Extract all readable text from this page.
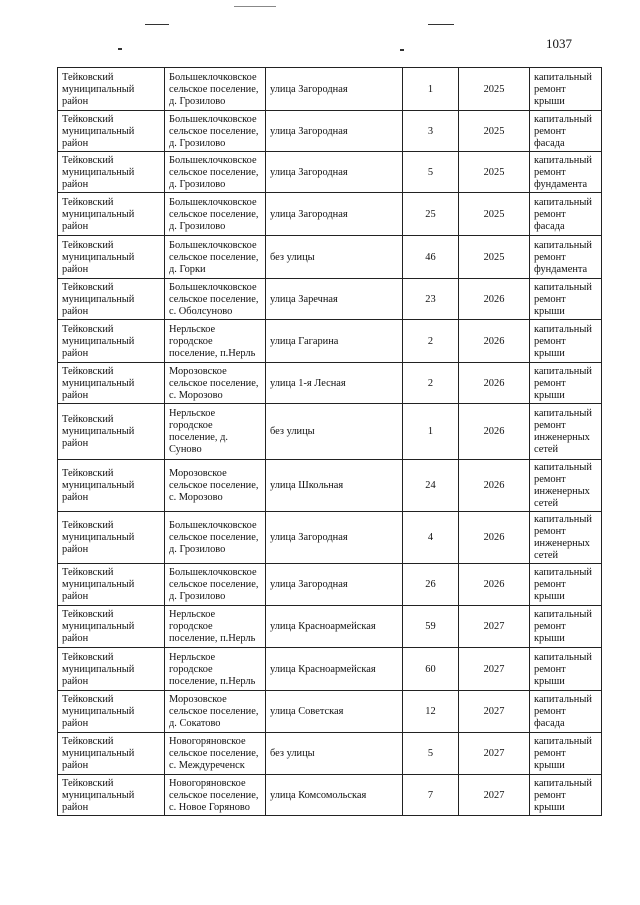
1037
Тейковский
муниципальный
район	Большеклочковское
сельское поселение,
д. Грозилово	улица Загородная	1	2025	капитальный ремонт крыши

Тейковский
муниципальный
район	Большеклочковское
сельское поселение,
д. Грозилово	улица Загородная	3	2025	капитальный ремонт фасада

Тейковский
муниципальный
район	Большеклочковское
сельское поселение,
д. Грозилово	улица Загородная	5	2025	капитальный ремонт фундамента

Тейковский
муниципальный
район	Большеклочковское
сельское поселение,
д. Грозилово	улица Загородная	25	2025	капитальный ремонт фасада

Тейковский
муниципальный
район	Большеклочковское
сельское поселение,
д. Горки	без улицы	46	2025	капитальный ремонт фундамента

Тейковский
муниципальный
район	Большеклочковское
сельское поселение,
с. Оболсуново	улица Заречная	23	2026	капитальный ремонт крыши

Тейковский
муниципальный
район	Нерльское
городское
поселение, п.Нерль	улица Гагарина	2	2026	капитальный ремонт крыши

Тейковский
муниципальный
район	Морозовское
сельское поселение,
с. Морозово	улица 1-я Лесная	2	2026	капитальный ремонт крыши

Тейковский
муниципальный
район	Нерльское
городское
поселение, д.
Суново	без улицы	1	2026	капитальный ремонт инженерных сетей

Тейковский
муниципальный
район	Морозовское
сельское поселение,
с. Морозово	улица Школьная	24	2026	капитальный ремонт инженерных сетей

Тейковский
муниципальный
район	Большеклочковское
сельское поселение,
д. Грозилово	улица Загородная	4	2026	капитальный ремонт инженерных сетей

Тейковский
муниципальный
район	Большеклочковское
сельское поселение,
д. Грозилово	улица Загородная	26	2026	капитальный ремонт крыши

Тейковский
муниципальный
район	Нерльское
городское
поселение, п.Нерль	улица Красноармейская	59	2027	капитальный ремонт крыши

Тейковский
муниципальный
район	Нерльское
городское
поселение, п.Нерль	улица Красноармейская	60	2027	капитальный ремонт крыши

Тейковский
муниципальный
район	Морозовское
сельское поселение,
д. Сокатово	улица Советская	12	2027	капитальный ремонт фасада

Тейковский
муниципальный
район	Новогоряновское
сельское поселение,
с. Междуреченск	без улицы	5	2027	капитальный ремонт крыши

Тейковский
муниципальный
район	Новогоряновское
сельское поселение,
с. Новое Горяново	улица Комсомольская	7	2027	капитальный ремонт крыши
